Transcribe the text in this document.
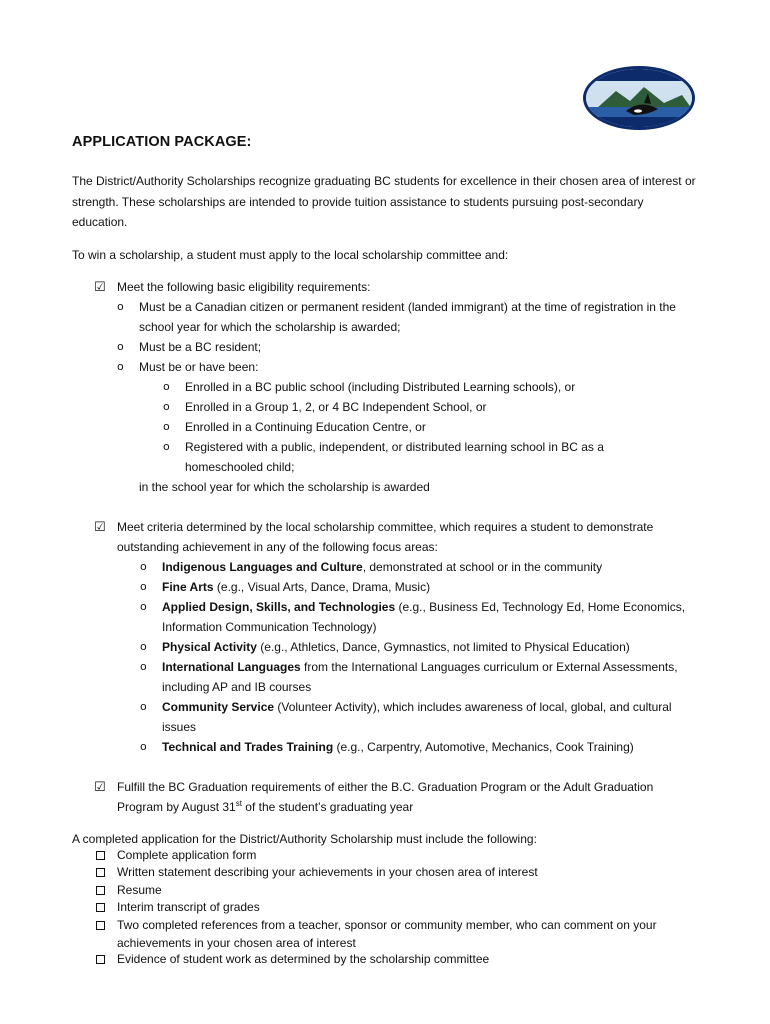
APPLICATION PACKAGE:

The District/Authority Scholarships recognize graduating BC students for excellence in their chosen area of interest or strength. These scholarships are intended to provide tuition assistance to students pursuing post-secondary education.

To win a scholarship, a student must apply to the local scholarship committee and:

☑ Meet the following basic eligibility requirements:

o Must be a Canadian citizen or permanent resident (landed immigrant) at the time of registration in the school year for which the scholarship is awarded;

o Must be a BC resident;

o Must be or have been:

o Enrolled in a BC public school (including Distributed Learning schools), or

o Enrolled in a Group 1, 2, or 4 BC Independent School, or

o Enrolled in a Continuing Education Centre, or

o Registered with a public, independent, or distributed learning school in BC as a homeschooled child;

in the school year for which the scholarship is awarded

☑ Meet criteria determined by the local scholarship committee, which requires a student to demonstrate outstanding achievement in any of the following focus areas:

o Indigenous Languages and Culture, demonstrated at school or in the community

o Fine Arts (e.g., Visual Arts, Dance, Drama, Music)

o Applied Design, Skills, and Technologies (e.g., Business Ed, Technology Ed, Home Economics, Information Communication Technology)

o Physical Activity (e.g., Athletics, Dance, Gymnastics, not limited to Physical Education)

o International Languages from the International Languages curriculum or External Assessments, including AP and IB courses

o Community Service (Volunteer Activity), which includes awareness of local, global, and cultural issues

o Technical and Trades Training (e.g., Carpentry, Automotive, Mechanics, Cook Training)

☑ Fulfill the BC Graduation requirements of either the B.C. Graduation Program or the Adult Graduation Program by August 31st of the student’s graduating year

A completed application for the District/Authority Scholarship must include the following:

Complete application form

Written statement describing your achievements in your chosen area of interest

Resume

Interim transcript of grades

Two completed references from a teacher, sponsor or community member, who can comment on your achievements in your chosen area of interest

Evidence of student work as determined by the scholarship committee
